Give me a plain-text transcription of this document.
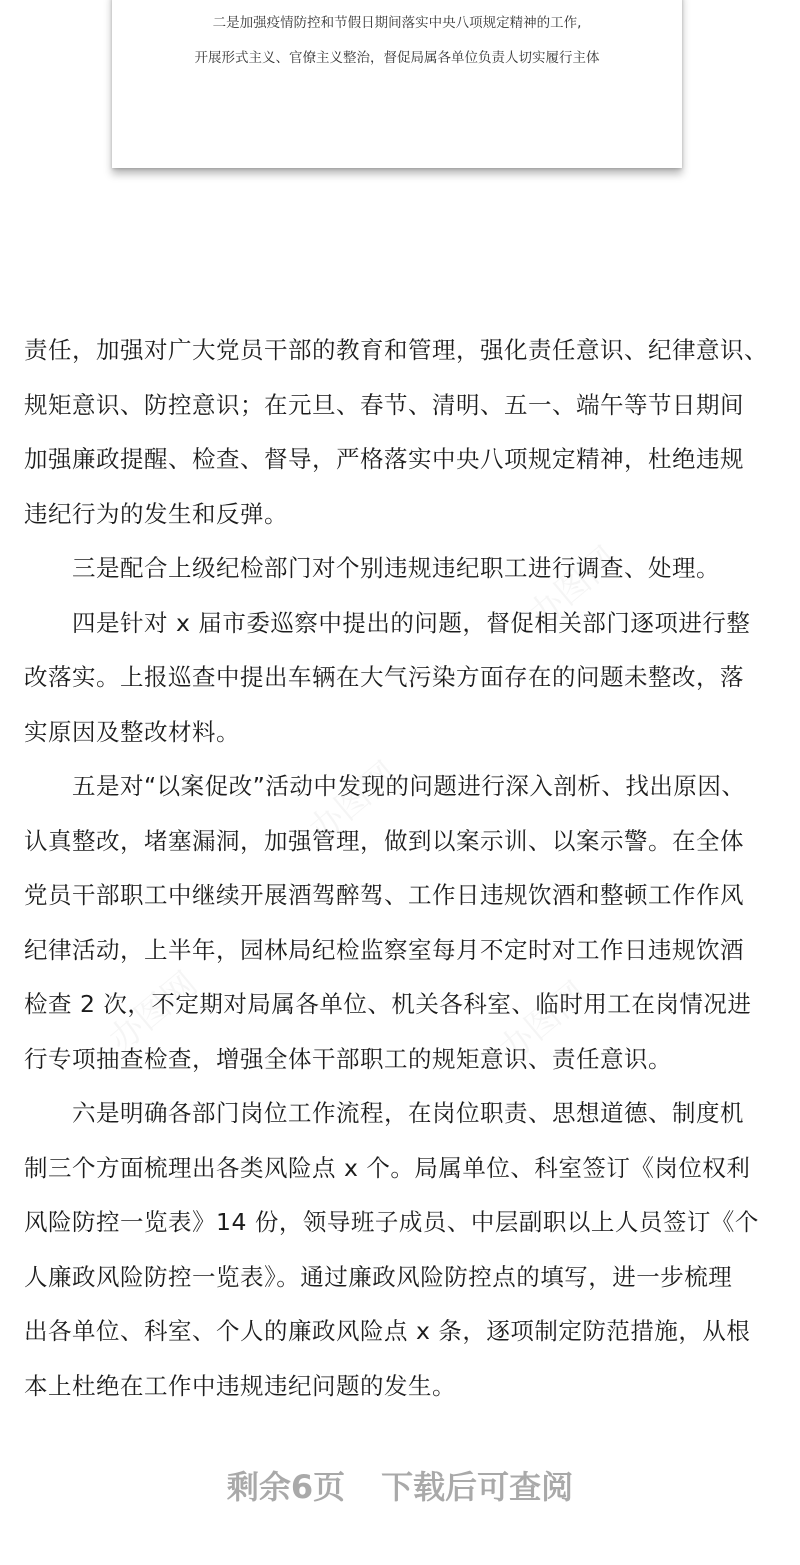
二是加强疫情防控和节假日期间落实中央八项规定精神的工作,
开展形式主义、官僚主义整治，督促局属各单位负责人切实履行主体
办图网
办图网
办图网	办图网
责任，加强对广大党员干部的教育和管理，强化责任意识、纪律意识、
规矩意识、防控意识；在元旦、春节、清明、五一、端午等节日期间
加强廉政提醒、检查、督导，严格落实中央八项规定精神，杜绝违规
违纪行为的发生和反弹。
三是配合上级纪检部门对个别违规违纪职工进行调查、处理。
四是针对 x 届市委巡察中提出的问题，督促相关部门逐项进行整
改落实。上报巡查中提出车辆在大气污染方面存在的问题未整改，落
实原因及整改材料。
五是对“以案促改”活动中发现的问题进行深入剖析、找出原因、
认真整改，堵塞漏洞，加强管理，做到以案示训、以案示警。在全体
党员干部职工中继续开展酒驾醉驾、工作日违规饮酒和整顿工作作风
纪律活动，上半年，园林局纪检监察室每月不定时对工作日违规饮酒
检查 2 次，不定期对局属各单位、机关各科室、临时用工在岗情况进
行专项抽查检查，增强全体干部职工的规矩意识、责任意识。
六是明确各部门岗位工作流程，在岗位职责、思想道德、制度机
制三个方面梳理出各类风险点 x 个。局属单位、科室签订《岗位权利
风险防控一览表》14 份，领导班子成员、中层副职以上人员签订《个
人廉政风险防控一览表》。通过廉政风险防控点的填写，进一步梳理
出各单位、科室、个人的廉政风险点 x 条，逐项制定防范措施，从根
本上杜绝在工作中违规违纪问题的发生。
剩余6页 下载后可查阅
